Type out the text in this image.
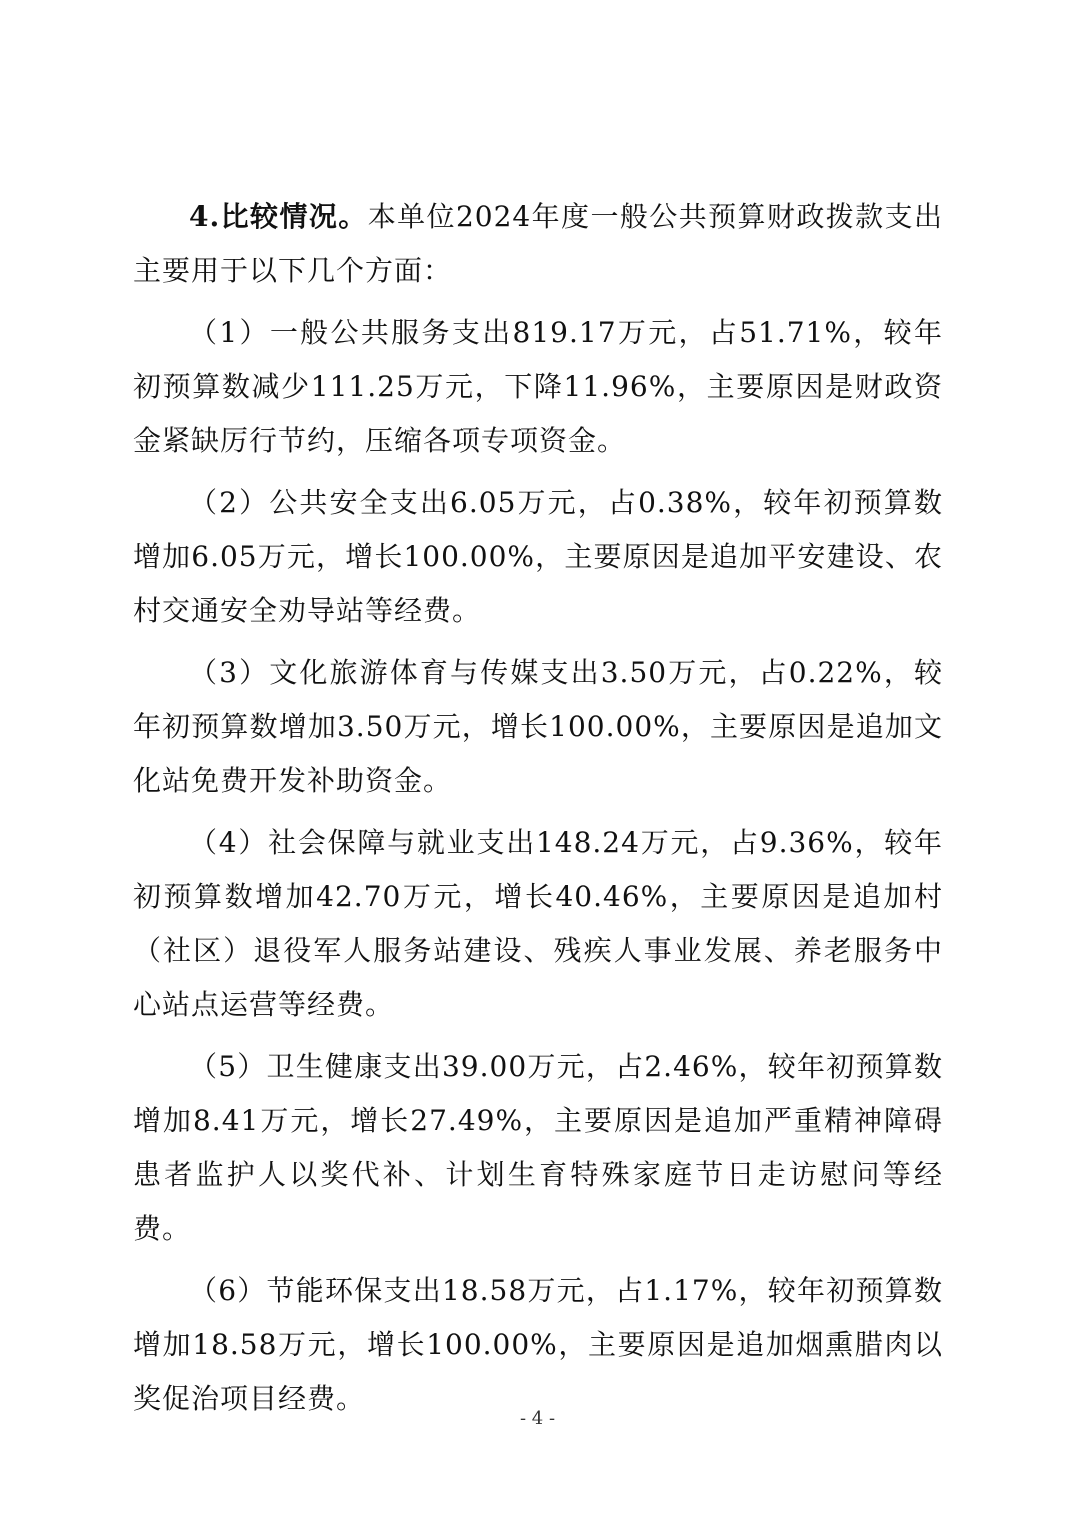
4.比较情况。本单位2024年度一般公共预算财政拨款支出主要用于以下几个方面：

（1）一般公共服务支出819.17万元，占51.71%，较年初预算数减少111.25万元，下降11.96%，主要原因是财政资金紧缺厉行节约，压缩各项专项资金。

（2）公共安全支出6.05万元，占0.38%，较年初预算数增加6.05万元，增长100.00%，主要原因是追加平安建设、农村交通安全劝导站等经费。

（3）文化旅游体育与传媒支出3.50万元，占0.22%，较年初预算数增加3.50万元，增长100.00%，主要原因是追加文化站免费开发补助资金。

（4）社会保障与就业支出148.24万元，占9.36%，较年初预算数增加42.70万元，增长40.46%，主要原因是追加村（社区）退役军人服务站建设、残疾人事业发展、养老服务中心站点运营等经费。

（5）卫生健康支出39.00万元，占2.46%，较年初预算数增加8.41万元，增长27.49%，主要原因是追加严重精神障碍患者监护人以奖代补、计划生育特殊家庭节日走访慰问等经费。

（6）节能环保支出18.58万元，占1.17%，较年初预算数增加18.58万元，增长100.00%，主要原因是追加烟熏腊肉以奖促治项目经费。

- 4 -
